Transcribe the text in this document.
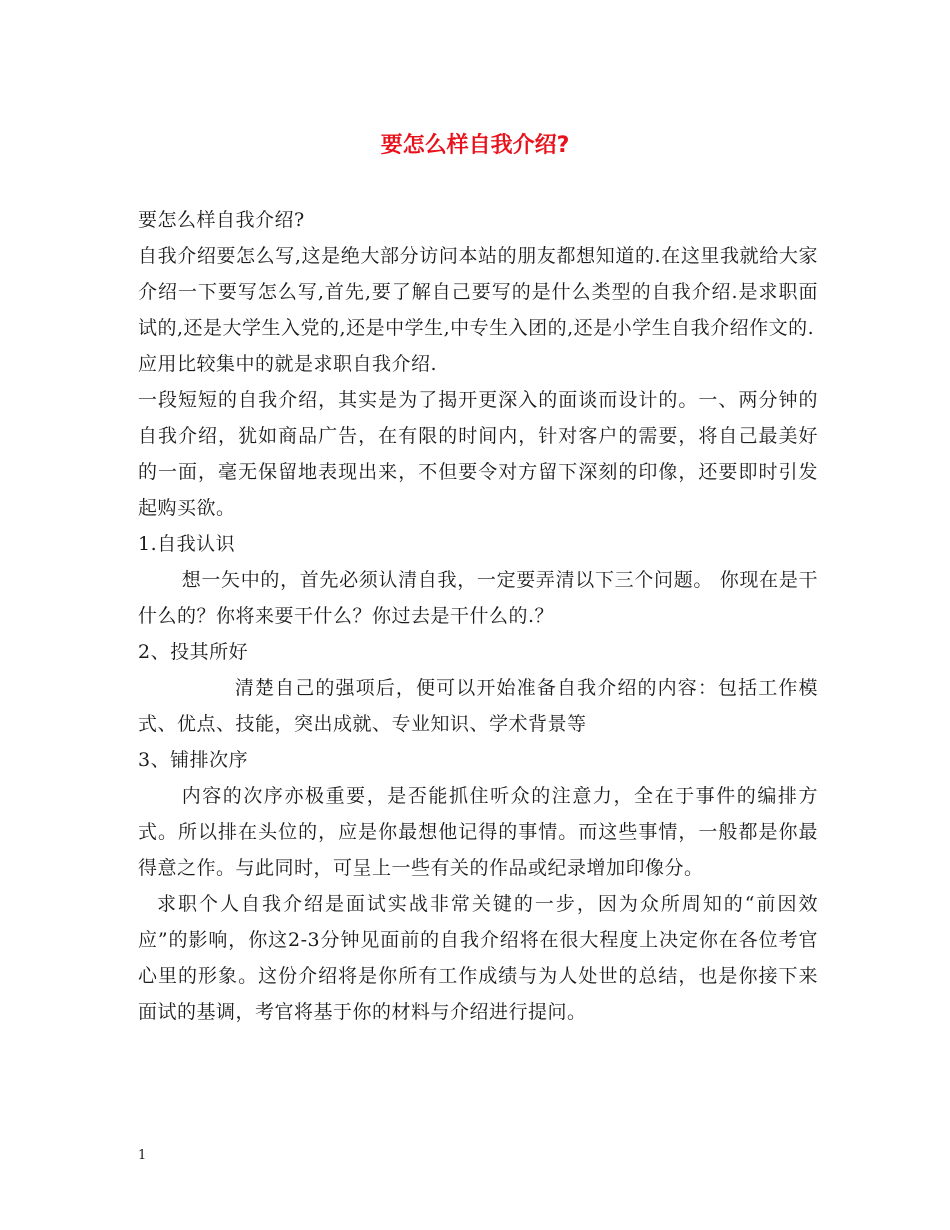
要怎么样自我介绍?

要怎么样自我介绍?

自我介绍要怎么写,这是绝大部分访问本站的朋友都想知道的.在这里我就给大家介绍一下要写怎么写,首先,要了解自己要写的是什么类型的自我介绍.是求职面试的,还是大学生入党的,还是中学生,中专生入团的,还是小学生自我介绍作文的.

应用比较集中的就是求职自我介绍.

一段短短的自我介绍，其实是为了揭开更深入的面谈而设计的。一、两分钟的自我介绍，犹如商品广告，在有限的时间内，针对客户的需要，将自己最美好的一面，毫无保留地表现出来，不但要令对方留下深刻的印像，还要即时引发起购买欲。

1.自我认识

想一矢中的，首先必须认清自我，一定要弄清以下三个问题。 你现在是干什么的？你将来要干什么？你过去是干什么的.？

2、投其所好

清楚自己的强项后，便可以开始准备自我介绍的内容：包括工作模式、优点、技能，突出成就、专业知识、学术背景等

3、铺排次序

内容的次序亦极重要，是否能抓住听众的注意力，全在于事件的编排方式。所以排在头位的，应是你最想他记得的事情。而这些事情，一般都是你最得意之作。与此同时，可呈上一些有关的作品或纪录增加印像分。

求职个人自我介绍是面试实战非常关键的一步，因为众所周知的“前因效应”的影响，你这2-3分钟见面前的自我介绍将在很大程度上决定你在各位考官心里的形象。这份介绍将是你所有工作成绩与为人处世的总结，也是你接下来面试的基调，考官将基于你的材料与介绍进行提问。

1
